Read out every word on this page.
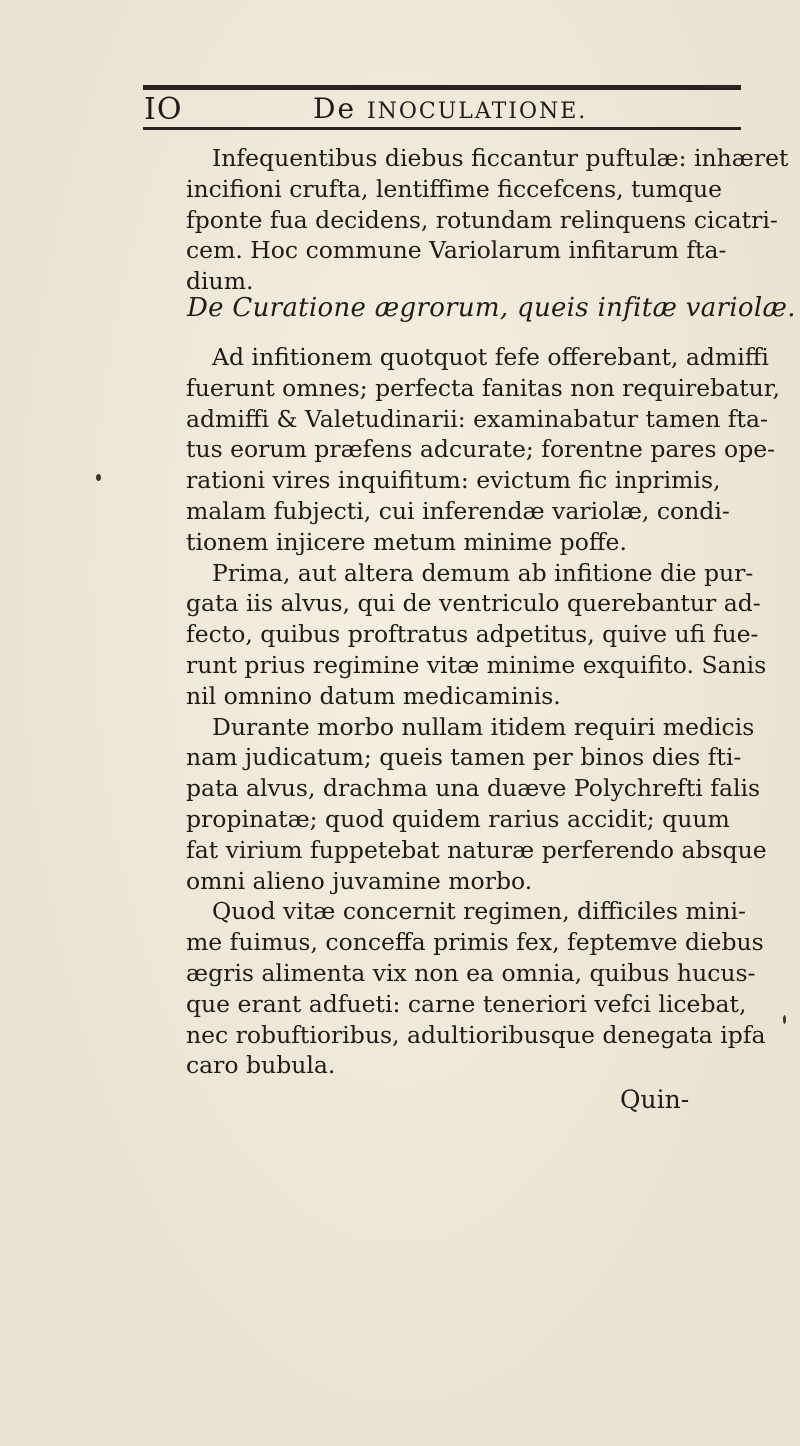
IO	De INOCULATIONE.
Infequentibus diebus ficcantur puftulæ: inhæret
incifioni crufta, lentiffime ficcefcens, tumque
fponte fua decidens, rotundam relinquens cicatri-
cem. Hoc commune Variolarum infitarum fta-
dium.
De Curatione ægrorum, queis infitæ variolæ.
Ad infitionem quotquot fefe offerebant, admiffi
fuerunt omnes; perfecta fanitas non requirebatur,
admiffi & Valetudinarii: examinabatur tamen fta-
tus eorum præfens adcurate; forentne pares ope-
rationi vires inquifitum: evictum fic inprimis,
malam fubjecti, cui inferendæ variolæ, condi-
tionem injicere metum minime poffe.
Prima, aut altera demum ab infitione die pur-
gata iis alvus, qui de ventriculo querebantur ad-
fecto, quibus proftratus adpetitus, quive ufi fue-
runt prius regimine vitæ minime exquifito. Sanis
nil omnino datum medicaminis.
Durante morbo nullam itidem requiri medicis
nam judicatum; queis tamen per binos dies fti-
pata alvus, drachma una duæve Polychrefti falis
propinatæ; quod quidem rarius accidit; quum
fat virium fuppetebat naturæ perferendo absque
omni alieno juvamine morbo.
Quod vitæ concernit regimen, difficiles mini-
me fuimus, conceffa primis fex, feptemve diebus
ægris alimenta vix non ea omnia, quibus hucus-
que erant adfueti: carne teneriori vefci licebat,
nec robuftioribus, adultioribusque denegata ipfa
caro bubula.
Quin-
